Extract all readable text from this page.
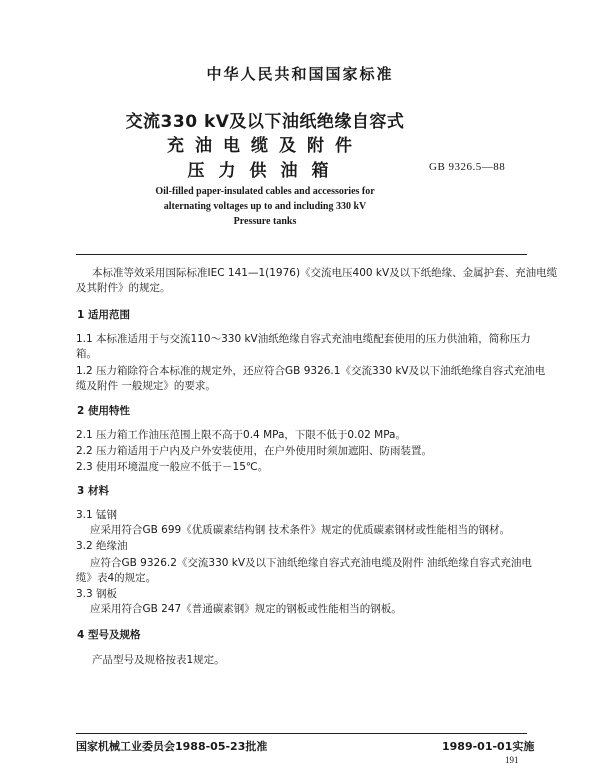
中华人民共和国国家标准
交流330 kV及以下油纸绝缘自容式
充油电缆及附件
压力供油箱	GB 9326.5—88
Oil-filled paper-insulated cables and accessories for
alternating voltages up to and including 330 kV
Pressure tanks
本标准等效采用国际标准IEC 141—1(1976)《交流电压400 kV及以下纸绝缘、金属护套、充油电缆
及其附件》的规定。
1 适用范围
1.1 本标准适用于与交流110～330 kV油纸绝缘自容式充油电缆配套使用的压力供油箱，简称压力
箱。
1.2 压力箱除符合本标准的规定外，还应符合GB 9326.1《交流330 kV及以下油纸绝缘自容式充油电
缆及附件 一般规定》的要求。
2 使用特性
2.1 压力箱工作油压范围上限不高于0.4 MPa，下限不低于0.02 MPa。
2.2 压力箱适用于户内及户外安装使用，在户外使用时须加遮阳、防雨装置。
2.3 使用环境温度一般应不低于－15℃。
3 材料
3.1 锰钢
应采用符合GB 699《优质碳素结构钢 技术条件》规定的优质碳素钢材或性能相当的钢材。
3.2 绝缘油
应符合GB 9326.2《交流330 kV及以下油纸绝缘自容式充油电缆及附件 油纸绝缘自容式充油电
缆》表4的规定。
3.3 钢板
应采用符合GB 247《普通碳素钢》规定的钢板或性能相当的钢板。
4 型号及规格
产品型号及规格按表1规定。
国家机械工业委员会1988-05-23批准	1989-01-01实施
191
